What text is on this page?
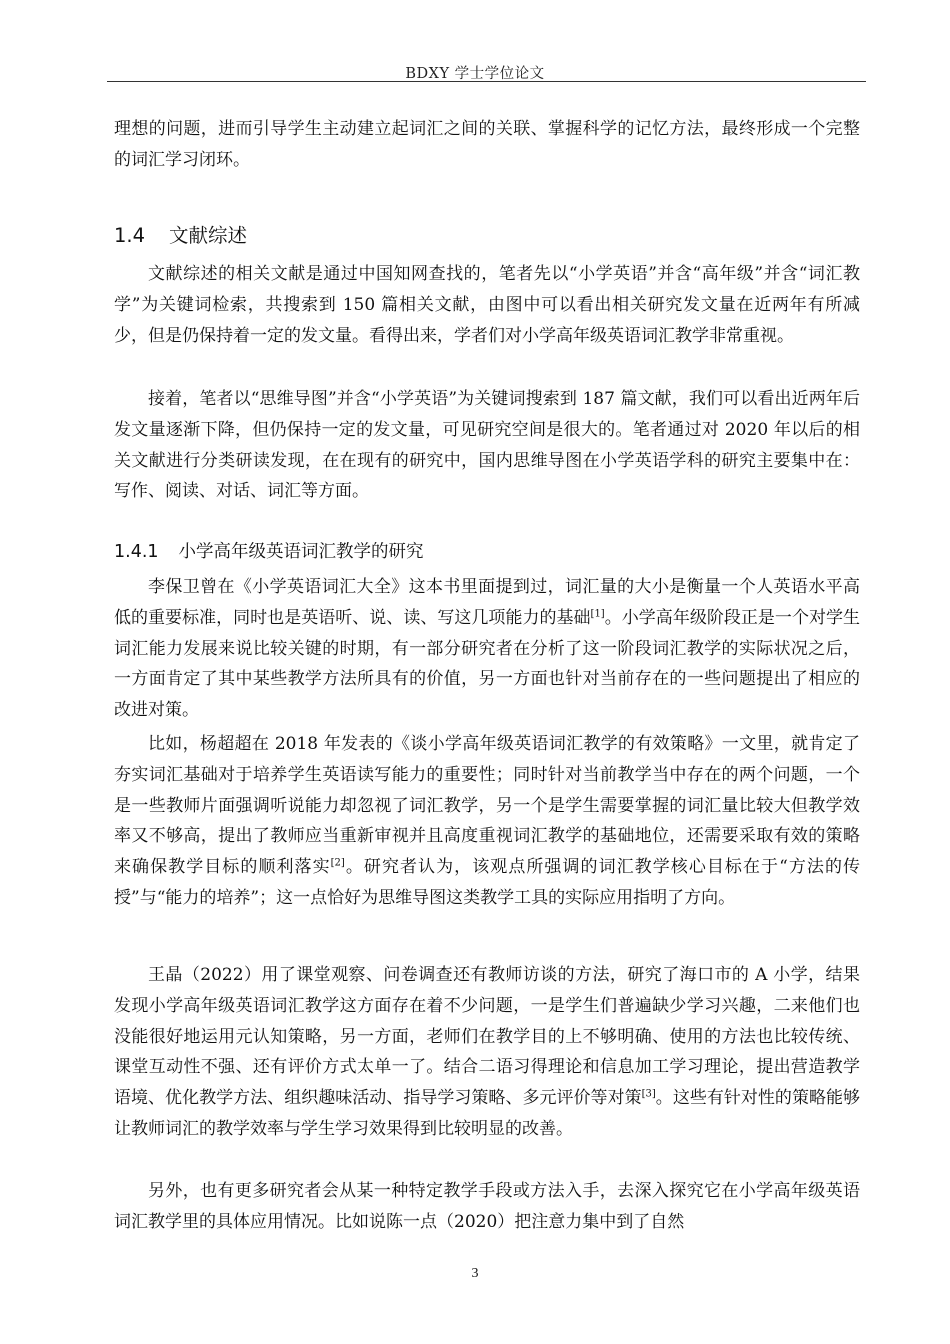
BDXY 学士学位论文

理想的问题，进而引导学生主动建立起词汇之间的关联、掌握科学的记忆方法，最终形成一个完整的词汇学习闭环。

1.4 文献综述

文献综述的相关文献是通过中国知网查找的，笔者先以“小学英语”并含“高年级”并含“词汇教学”为关键词检索，共搜索到 150 篇相关文献，由图中可以看出相关研究发文量在近两年有所减少，但是仍保持着一定的发文量。看得出来，学者们对小学高年级英语词汇教学非常重视。

接着，笔者以“思维导图”并含“小学英语”为关键词搜索到 187 篇文献，我们可以看出近两年后发文量逐渐下降，但仍保持一定的发文量，可见研究空间是很大的。笔者通过对 2020 年以后的相关文献进行分类研读发现，在在现有的研究中，国内思维导图在小学英语学科的研究主要集中在：写作、阅读、对话、词汇等方面。

1.4.1 小学高年级英语词汇教学的研究

李保卫曾在《小学英语词汇大全》这本书里面提到过，词汇量的大小是衡量一个人英语水平高低的重要标准，同时也是英语听、说、读、写这几项能力的基础[1]。小学高年级阶段正是一个对学生词汇能力发展来说比较关键的时期，有一部分研究者在分析了这一阶段词汇教学的实际状况之后，一方面肯定了其中某些教学方法所具有的价值，另一方面也针对当前存在的一些问题提出了相应的改进对策。

比如，杨超超在 2018 年发表的《谈小学高年级英语词汇教学的有效策略》一文里，就肯定了夯实词汇基础对于培养学生英语读写能力的重要性；同时针对当前教学当中存在的两个问题，一个是一些教师片面强调听说能力却忽视了词汇教学，另一个是学生需要掌握的词汇量比较大但教学效率又不够高，提出了教师应当重新审视并且高度重视词汇教学的基础地位，还需要采取有效的策略来确保教学目标的顺利落实[2]。研究者认为，该观点所强调的词汇教学核心目标在于“方法的传授”与“能力的培养”；这一点恰好为思维导图这类教学工具的实际应用指明了方向。

王晶（2022）用了课堂观察、问卷调查还有教师访谈的方法，研究了海口市的 A 小学，结果发现小学高年级英语词汇教学这方面存在着不少问题，一是学生们普遍缺少学习兴趣，二来他们也没能很好地运用元认知策略，另一方面，老师们在教学目的上不够明确、使用的方法也比较传统、课堂互动性不强、还有评价方式太单一了。结合二语习得理论和信息加工学习理论，提出营造教学语境、优化教学方法、组织趣味活动、指导学习策略、多元评价等对策[3]。这些有针对性的策略能够让教师词汇的教学效率与学生学习效果得到比较明显的改善。

另外，也有更多研究者会从某一种特定教学手段或方法入手，去深入探究它在小学高年级英语词汇教学里的具体应用情况。比如说陈一点（2020）把注意力集中到了自然

3
